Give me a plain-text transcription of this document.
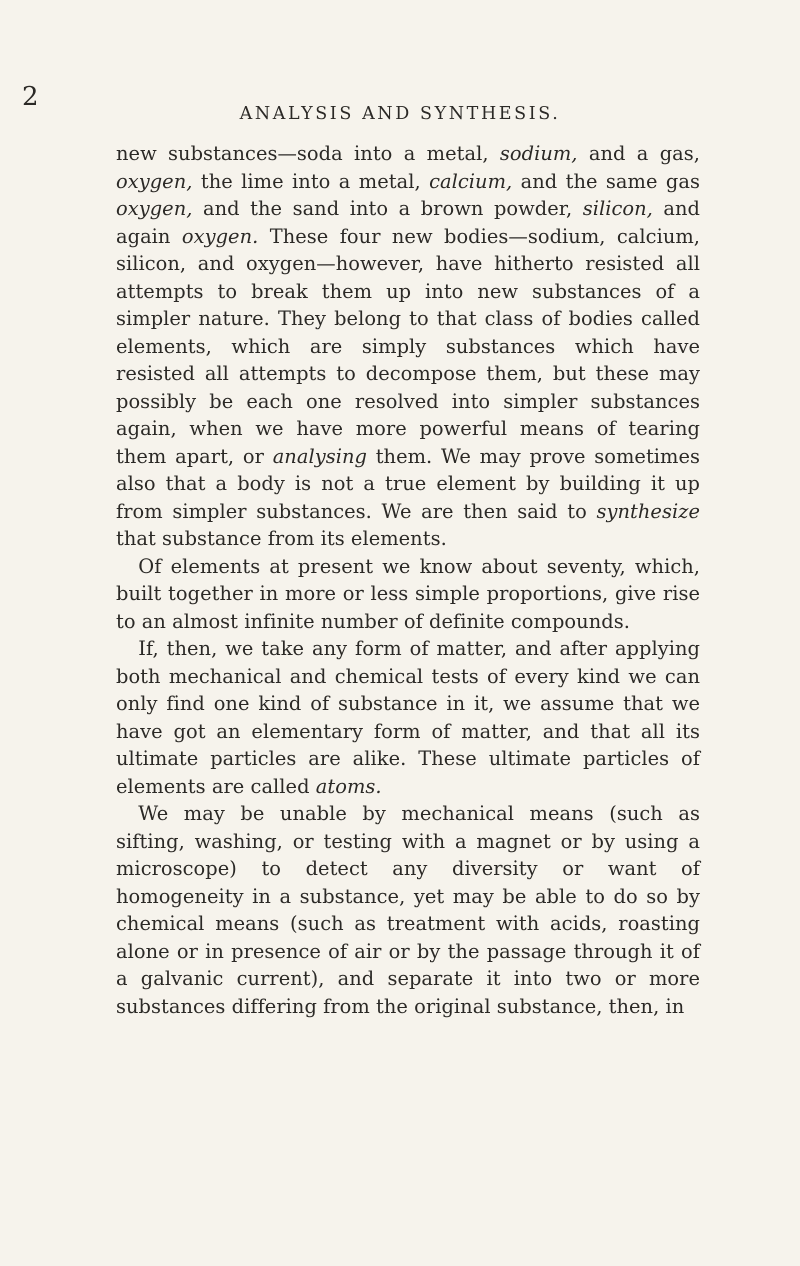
2
ANALYSIS AND SYNTHESIS.

new substances—soda into a metal, sodium, and a gas, oxygen, the lime into a metal, calcium, and the same gas oxygen, and the sand into a brown powder, silicon, and again oxygen. These four new bodies—sodium, calcium, silicon, and oxygen—however, have hitherto resisted all attempts to break them up into new substances of a simpler nature. They belong to that class of bodies called elements, which are simply substances which have resisted all attempts to decompose them, but these may possibly be each one resolved into simpler substances again, when we have more powerful means of tearing them apart, or analysing them. We may prove sometimes also that a body is not a true element by building it up from simpler substances. We are then said to synthesize that substance from its elements.

Of elements at present we know about seventy, which, built together in more or less simple proportions, give rise to an almost infinite number of definite compounds.

If, then, we take any form of matter, and after applying both mechanical and chemical tests of every kind we can only find one kind of substance in it, we assume that we have got an elementary form of matter, and that all its ultimate particles are alike. These ultimate particles of elements are called atoms.

We may be unable by mechanical means (such as sifting, washing, or testing with a magnet or by using a microscope) to detect any diversity or want of homogeneity in a substance, yet may be able to do so by chemical means (such as treatment with acids, roasting alone or in presence of air or by the passage through it of a galvanic current), and separate it into two or more substances differing from the original substance, then, in
